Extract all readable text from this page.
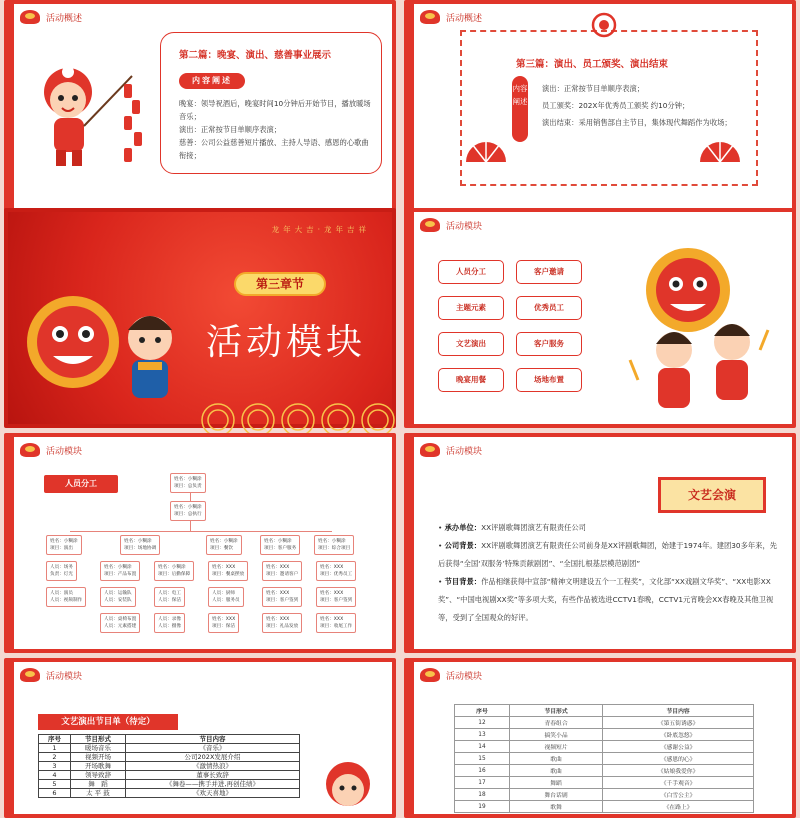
活动概述
第二篇：晚宴、演出、慈善事业展示
内容阐述
晚宴：领导祝酒后，晚宴时间10分钟后开始节目，播放暖场音乐；
演出：正常按节目单顺序表演；
慈善：公司公益慈善短片播放、主持人导语、感恩的心歌曲衔接；
活动概述
第三篇：演出、员工颁奖、演出结束
内容阐述
演出：正常按节目单顺序表演；
员工颁奖：202X年优秀员工颁奖 约10分钟；
演出结束：采用销售部自主节目，集体现代舞蹈作为收场；
龙年大吉·龙年吉祥
第三章节
活动模块
活动模块
人员分工	客户邀请
主题元素	优秀员工
文艺演出	客户服务
晚宴用餐	场地布置
活动模块
人员分工	姓名：小糊涂
项目：总负责
姓名：小糊涂
项目：总执行
姓名：小糊涂
项目：演出
姓名：小糊涂
项目：场地协调
姓名：小糊涂
项目：餐饮
姓名：小糊涂
项目：客户服务
姓名：小糊涂
项目：综合项目
人员：场务
负责：灯光
姓名：小糊涂
项目：产品布置
姓名：小糊涂
项目：后勤保障
姓名：XXX
项目：餐桌摆放
姓名：XXX
项目：邀请客户
姓名：XXX
项目：优秀员工
人员：演员
人员：视频制作
人员：运输队
人员：安装队
人员：电工
人员：保洁
人员：厨师
人员：服务员
姓名：XXX
项目：客户签到
姓名：XXX
项目：客户签到
人员：桌椅布置
人员：元素搭建
人员：录像
人员：摄像
姓名：XXX
项目：保洁
姓名：XXX
项目：礼品发放
姓名：XXX
项目：收尾工作
活动模块
文艺会演
• 承办单位：XX评剧歌舞团演艺有限责任公司
• 公司背景：XX评剧歌舞团演艺有限责任公司前身是XX评剧歌舞团，始建于1974年。建团30多年来，先后获得“全国‘双服务’特殊贡献剧团”、“全国扎根基层模范剧团”
• 节目背景：作品相继获得中宣部“精神文明建设五个一工程奖”，文化部“XX戏剧文华奖”、“XX电影XX奖”、“中国电视剧XX奖”等多项大奖，有些作品被选进CCTV1春晚，CCTV1元宵晚会XX春晚及其他卫视等，受到了全国观众的好评。
活动模块
文艺演出节目单（待定）
序号	节目形式	节目内容
1	暖场音乐	《音乐》
2	视频开场	公司202X发展介绍
3	开场歌舞	《激情热浪》
4	领导致辞	董事长致辞
5	舞　蹈	《舞卷——携手并进,再创佳绩》
6	太 平 鼓	《欢天喜地》
活动模块
序号	节目形式	节目内容
12	青春组合	《第五街诱惑》
13	搞笑小品	《卧底忽悠》
14	视频短片	《感谢公益》
15	歌曲	《感恩的心》
16	歌曲	《姑娘我爱你》
17	舞蹈	《千手观音》
18	舞台话剧	《白雪公主》
19	歌舞	《在路上》
